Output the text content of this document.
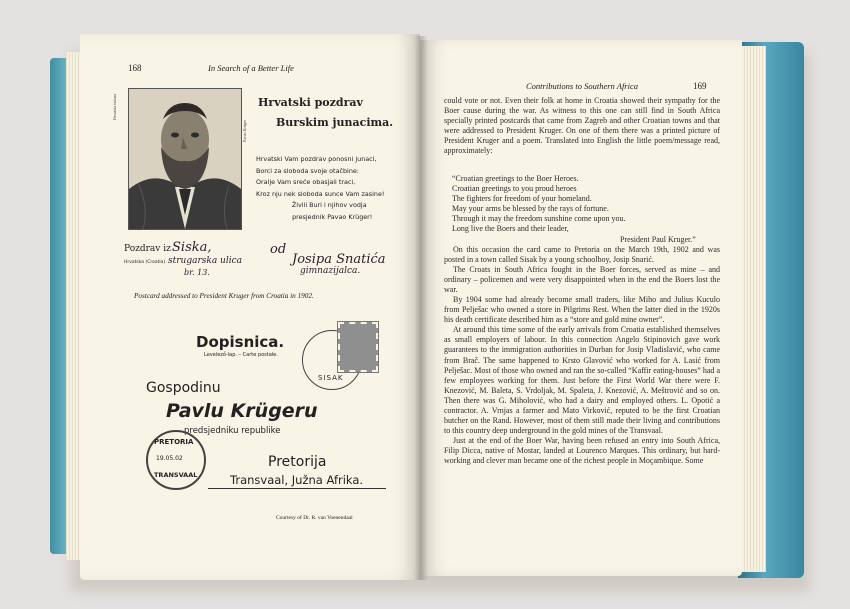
168	In Search of a Better Life
Hrvatska tiskara
Pavao Krüger
Hrvatski pozdrav
Burskim junacima.
Hrvatski Vam pozdrav ponosni junaci,
Borci za sloboda svoje otačbine:
Oralje Vam sreće obasjali traci,
Kroz nju nek sloboda sunce Vam zasine!
Živili Buri i njihov vodja
presjednik Pavao Krüger!
Pozdrav iz
Hrvatska (Croatia).
Siska,	od
Josipa Snatića
strugarska ulica
br. 13.	gimnazijalca.
Postcard addressed to President Kruger from Croatia in 1902.
Dopisnica.
Levelező-lap. – Carte postale.
SISAK
Gospodinu
Pavlu Krügeru
predsjedniku republike
PRETORIA
19.05.02
TRANSVAAL
Pretorija
Transvaal, Južna Afrika.
Courtesy of Dr. R. van Voenendaal
Contributions to Southern Africa	169

could vote or not. Even their folk at home in Croatia showed their sympathy for the Boer cause during the war. As witness to this one can still find in South Africa specially printed postcards that came from Zagreb and other Croatian towns and that were addressed to President Kruger. On one of them there was a printed picture of President Kruger and a poem. Translated into English the little poem/message read, approximately:

“Croatian greetings to the Boer Heroes.
Croatian greetings to you proud heroes
The fighters for freedom of your homeland.
May your arms be blessed by the rays of fortune.
Through it may the freedom sunshine come upon you.
Long live the Boers and their leader,
President Paul Kruger.”

On this occasion the card came to Pretoria on the March 19th, 1902 and was posted in a town called Sisak by a young schoolboy, Josip Snarić.

The Croats in South Africa fought in the Boer forces, served as mine – and ordinary – policemen and were very disappointed when in the end the Boers lost the war.

By 1904 some had already become small traders, like Miho and Julius Kuculo from Pelješac who owned a store in Pilgrims Rest. When the latter died in the 1920s his death certificate described him as a “store and gold mine owner”.

At around this time some of the early arrivals from Croatia established themselves as small employers of labour. In this connection Angelo Stipinovich gave work guarantees to the immigration authorities in Durban for Josip Vladislavić, who came from Brač. The same happened to Krsto Glavović who worked for A. Lasić from Pelješac. Most of those who owned and ran the so-called “Kaffir eating-houses” had a few employees working for them. Just before the First World War there were F. Knezović, M. Baleta, S. Vrdoljak, M. Spaleta, J. Knezović, A. Meštrović and so on. Then there was G. Miholović, who had a dairy and employed others. L. Opotić a contractor. A. Vrnjas a farmer and Mato Virković, reputed to be the first Croatian butcher on the Rand. However, most of them still made their living and contributions to this country deep underground in the gold mines of the Transvaal.

Just at the end of the Boer War, having been refused an entry into South Africa, Filip Dicca, native of Mostar, landed at Lourenco Marques. This ordinary, but hard-working and clever man became one of the richest people in Moçambique. Some
